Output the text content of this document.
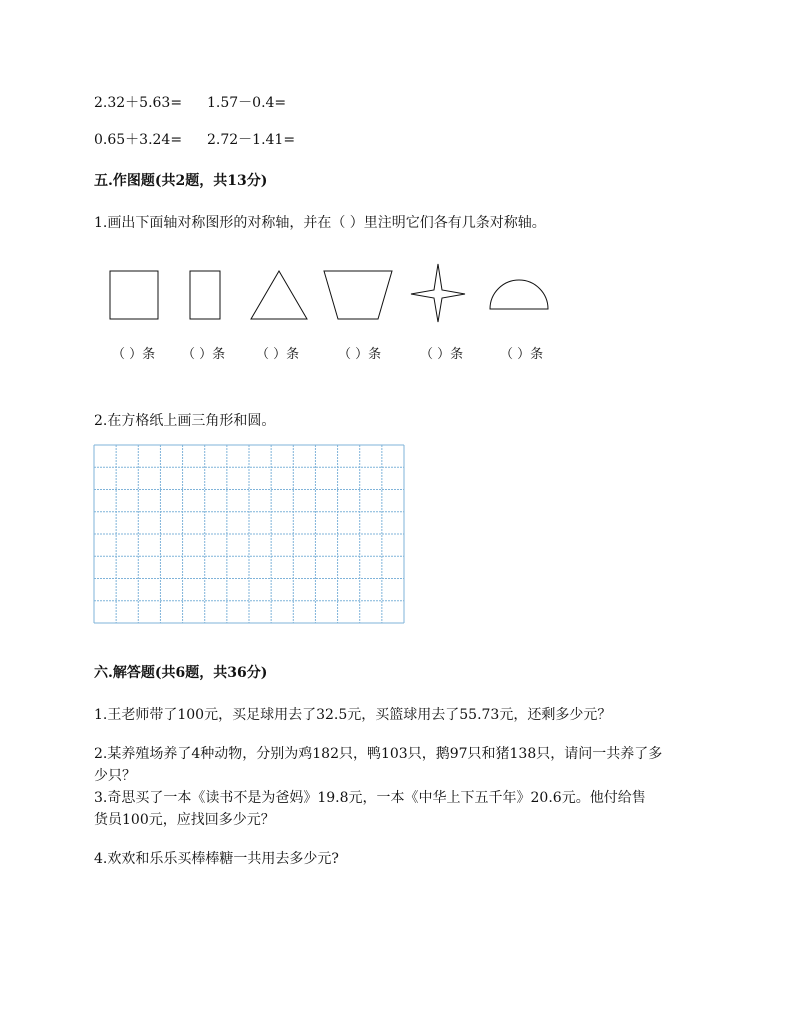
2.32＋5.63= 1.57－0.4=
0.65＋3.24= 2.72－1.41=
五.作图题(共2题，共13分)
1.画出下面轴对称图形的对称轴，并在（ ）里注明它们各有几条对称轴。
（ ）条 （ ）条 （ ）条	（ ）条	（ ）条	（ ）条
2.在方格纸上画三角形和圆。
六.解答题(共6题，共36分)
1.王老师带了100元，买足球用去了32.5元，买篮球用去了55.73元，还剩多少元？
2.某养殖场养了4种动物，分别为鸡182只，鸭103只，鹅97只和猪138只，请问一共养了多
少只？
3.奇思买了一本《读书不是为爸妈》19.8元，一本《中华上下五千年》20.6元。他付给售
货员100元，应找回多少元？
4.欢欢和乐乐买棒棒糖一共用去多少元?
